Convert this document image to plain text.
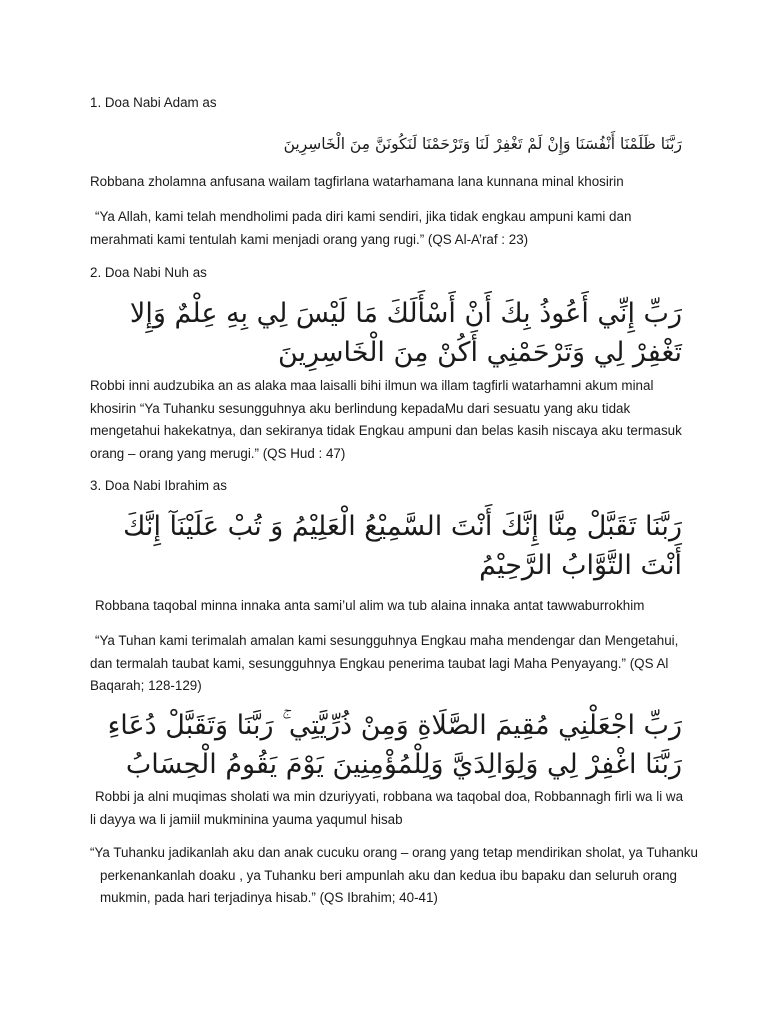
1. Doa Nabi Adam as

رَبَّنَا ظَلَمْنَا أَنْفُسَنَا وَإِنْ لَمْ تَغْفِرْ لَنَا وَتَرْحَمْنَا لَنَكُونَنَّ مِنَ الْخَاسِرِينَ

Robbana zholamna anfusana wailam tagfirlana watarhamana lana kunnana minal khosirin

“Ya Allah, kami telah mendholimi pada diri kami sendiri, jika tidak engkau ampuni kami dan merahmati kami tentulah kami menjadi orang yang rugi.” (QS Al-A’raf : 23)

2. Doa Nabi Nuh as

رَبِّ إِنِّي أَعُوذُ بِكَ أَنْ أَسْأَلَكَ مَا لَيْسَ لِي بِهِ عِلْمٌ وَإِلا تَغْفِرْ لِي وَتَرْحَمْنِي أَكُنْ مِنَ الْخَاسِرِينَ

Robbi inni audzubika an as alaka maa laisalli bihi ilmun wa illam tagfirli watarhamni akum minal khosirin “Ya Tuhanku sesungguhnya aku berlindung kepadaMu dari sesuatu yang aku tidak mengetahui hakekatnya, dan sekiranya tidak Engkau ampuni dan belas kasih niscaya aku termasuk orang – orang yang merugi.” (QS Hud : 47)

3. Doa Nabi Ibrahim as

رَبَّنَا تَقَبَّلْ مِنَّا إِنَّكَ أَنْتَ السَّمِيْعُ الْعَلِيْمُ وَ تُبْ عَلَيْنَآ إِنَّكَ أَنْتَ التَّوَّابُ الرَّحِيْمُ

Robbana taqobal minna innaka anta sami’ul alim wa tub alaina innaka antat tawwaburrokhim

“Ya Tuhan kami terimalah amalan kami sesungguhnya Engkau maha mendengar dan Mengetahui, dan termalah taubat kami, sesungguhnya Engkau penerima taubat lagi Maha Penyayang.” (QS Al Baqarah; 128-129)

رَبِّ اجْعَلْنِي مُقِيمَ الصَّلَاةِ وَمِنْ ذُرِّيَّتِي ۚ رَبَّنَا وَتَقَبَّلْ دُعَاءِ رَبَّنَا اغْفِرْ لِي وَلِوَالِدَيَّ وَلِلْمُؤْمِنِينَ يَوْمَ يَقُومُ الْحِسَابُ

Robbi ja alni muqimas sholati wa min dzuriyyati, robbana wa taqobal doa, Robbannagh firli wa li wa li dayya wa li jamiil mukminina yauma yaqumul hisab

“Ya Tuhanku jadikanlah aku dan anak cucuku orang – orang yang tetap mendirikan sholat, ya Tuhanku perkenankanlah doaku , ya Tuhanku beri ampunlah aku dan kedua ibu bapaku dan seluruh orang mukmin, pada hari terjadinya hisab.” (QS Ibrahim; 40-41)
